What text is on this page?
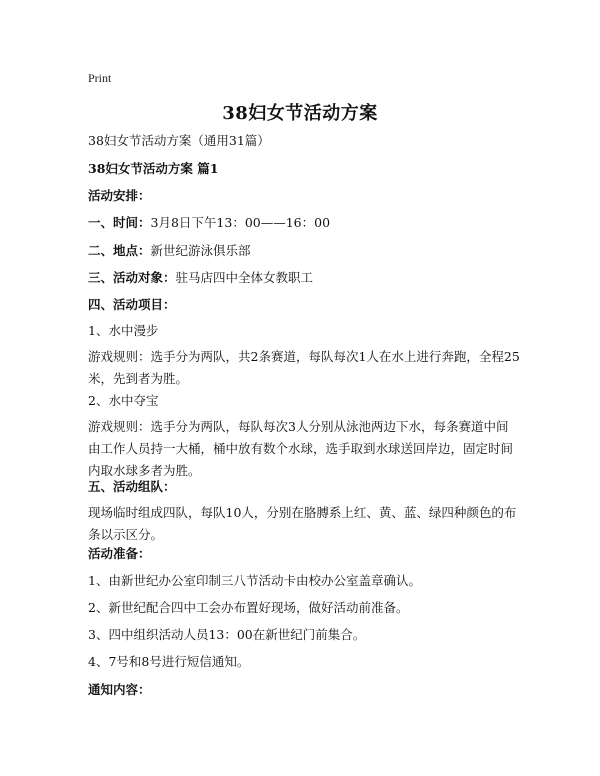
Print
38妇女节活动方案
38妇女节活动方案（通用31篇）
38妇女节活动方案 篇1
活动安排：
一、时间：3月8日下午13：00——16：00
二、地点：新世纪游泳俱乐部
三、活动对象：驻马店四中全体女教职工
四、活动项目：
1、水中漫步
游戏规则：选手分为两队，共2条赛道，每队每次1人在水上进行奔跑，全程25米，先到者为胜。
2、水中夺宝
游戏规则：选手分为两队，每队每次3人分别从泳池两边下水，每条赛道中间由工作人员持一大桶，桶中放有数个水球，选手取到水球送回岸边，固定时间内取水球多者为胜。
五、活动组队：
现场临时组成四队，每队10人，分别在胳膊系上红、黄、蓝、绿四种颜色的布条以示区分。
活动准备：
1、由新世纪办公室印制三八节活动卡由校办公室盖章确认。
2、新世纪配合四中工会办布置好现场，做好活动前准备。
3、四中组织活动人员13：00在新世纪门前集合。
4、7号和8号进行短信通知。
通知内容：
